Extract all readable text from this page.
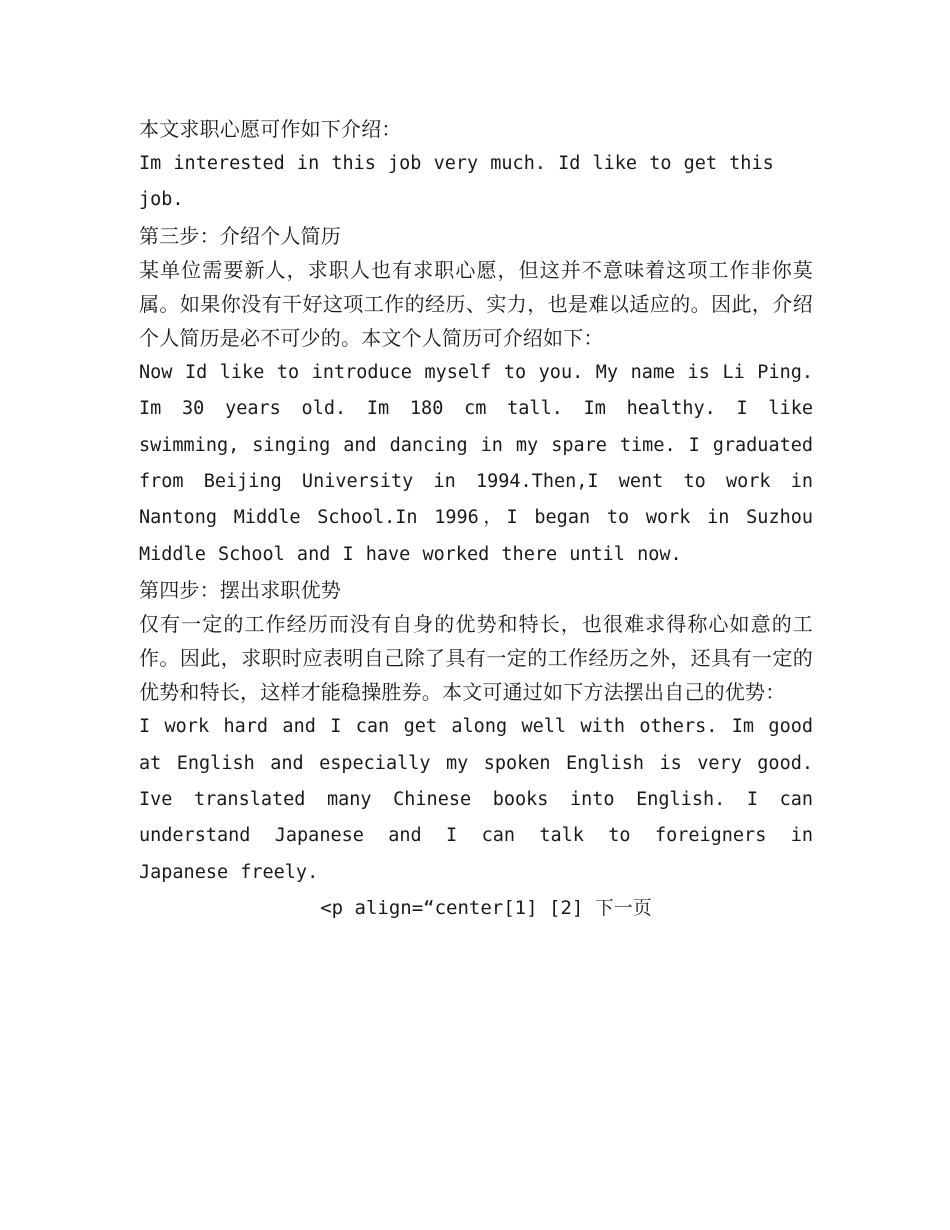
本文求职心愿可作如下介绍：

Im interested in this job very much. Id like to get this job.

第三步：介绍个人简历

某单位需要新人，求职人也有求职心愿，但这并不意味着这项工作非你莫属。如果你没有干好这项工作的经历、实力，也是难以适应的。因此，介绍个人简历是必不可少的。本文个人简历可介绍如下：

Now Id like to introduce myself to you. My name is Li Ping. Im 30 years old. Im 180 cm tall. Im healthy. I like swimming, singing and dancing in my spare time. I graduated from Beijing University in 1994.Then,I went to work in Nantong Middle School.In 1996，I began to work in Suzhou Middle School and I have worked there until now.

第四步：摆出求职优势

仅有一定的工作经历而没有自身的优势和特长，也很难求得称心如意的工作。因此，求职时应表明自己除了具有一定的工作经历之外，还具有一定的优势和特长，这样才能稳操胜券。本文可通过如下方法摆出自己的优势：

I work hard and I can get along well with others. Im good at English and especially my spoken English is very good. Ive translated many Chinese books into English. I can understand Japanese and I can talk to foreigners in Japanese freely.

<p align=“center[1] [2] 下一页
